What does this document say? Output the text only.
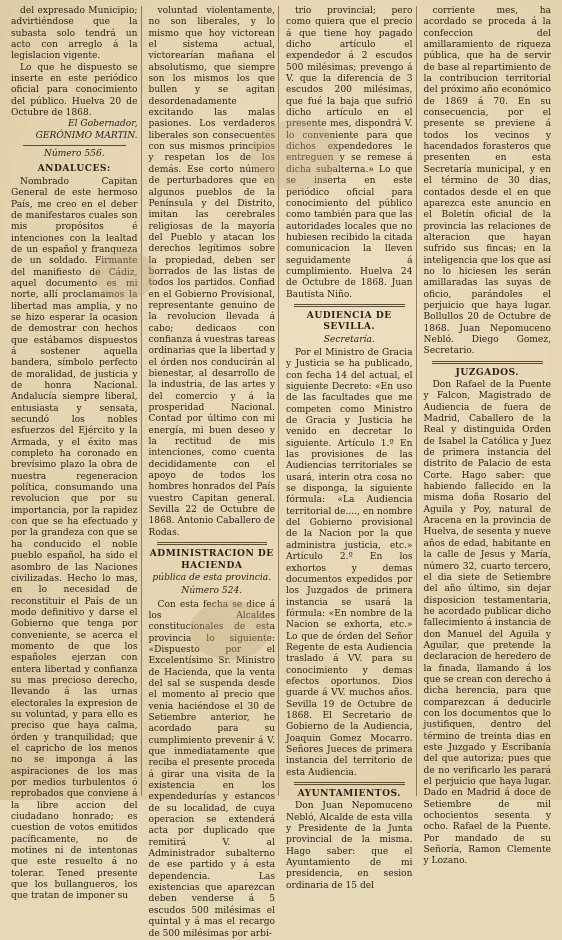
del expresado Municipio; advirtiéndose que la subasta solo tendrá un acto con arreglo á la legislacion vigente.

Lo que he dispuesto se inserte en este periódico oficial para conocimiento del público. Huelva 20 de Octubre de 1868.

El Gobernador,

GERÓNIMO MARTIN.

Número 556.

ANDALUCES:

Nombrado Capitan General de este hermoso País, me creo en el deber de manifestaros cuales son mis propósitos é intenciones con la lealtad de un español y franqueza de un soldado. Firmante del manifiesto de Cádiz, aquel documento es mi norte, allí proclamamos la libertad mas amplia, y no se hizo esperar la ocasion de demostrar con hechos que estábamos dispuestos á sostener aquella bandera, símbolo perfecto de moralidad, de justicia y de honra Nacional. Andalucía siempre liberal, entusiasta y sensata, secundó los nobles esfuerzos del Ejército y la Armada, y el éxito mas completo ha coronado en brevísimo plazo la obra de nuestra regeneracion política, consumando una revolucion que por su importancia, por la rapidez con que se ha efectuado y por la grandeza con que se ha conducido el noble pueblo español, ha sido el asombro de las Naciones civilizadas. Hecho lo mas, en lo necesidad de reconstituir el País de un modo definitivo y darse el Gobierno que tenga por conveniente, se acerca el momento de que los españoles ejerzan con entera libertad y confianza su mas precioso derecho, llevando á las urnas electorales la expresion de su voluntad, y para ello es preciso que haya calma, órden y tranquilidad; que el capricho de los menos no se imponga á las aspiraciones de los mas por medios turbulentos ó reprobados que conviene á la libre accion del ciudadano honrado; es cuestion de votos emitidos pacíficamente, no de motines ni de intentonas que este resuelto á no tolerar. Tened presente que los bullangueros, los que tratan de imponer su

voluntad violentamente, no son liberales, y lo mismo que hoy victorean el sistema actual, victorearían mañana el absolutismo, que siempre son los mismos los que bullen y se agitan desordenadamente excitando las malas pasiones. Los verdaderos liberales son consecuentes con sus mismos principios y respetan los de los demás. Ese corto número de perturbadores que en algunos pueblos de la Península y del Distrito, imitan las cerebrales religiosas de la mayoría del Pueblo y atacan los derechos legítimos sobre la propiedad, deben ser borrados de las listas de todos los partidos. Confiad en el Gobierno Provisional, representante genuino de la revolucion llevada á cabo; dedicaos con confianza á vuestras tareas ordinarias que la libertad y el órden nos conducirán al bienestar, al desarrollo de la industria, de las artes y del comercio y á la prosperidad Nacional. Contad por último con mi energía, mi buen deseo y la rectitud de mis intenciones, como cuenta decididamente con el apoyo de todos los hombres honrados del País vuestro Capitan general. Sevilla 22 de Octubre de 1868. Antonio Caballero de Rodas.

ADMINISTRACION DE HACIENDA

pública de esta provincia.

Número 524.

Con esta fecha se dice á los Alcaldes constitucionales de esta provincia lo siguiente: «Dispuesto por el Excelentísimo Sr. Ministro de Hacienda, que la venta del sal se suspenda desde el momento al precio que venia haciéndose el 30 de Setiembre anterior, he acordado para su cumplimiento prevenir á V. que inmediatamente que reciba el presente proceda á girar una visita de la existencia en los expendedurías y estancos de su localidad, de cuya operacion se extenderá acta por duplicado que remitirá V. al Administrador subalterno de ese partido y á esta dependencia. Las existencias que aparezcan deben venderse á 5 escudos 500 milésimas el quintal y á mas el recargo de 500 milésimas por arbi-

trio provincial; pero como quiera que el precio á que tiene hoy pagado dicho artículo el expendedor á 2 escudos 500 milésimas; prevengo á V. que la diferencia de 3 escudos 200 milésimas, que fué la baja que sufrió dicho artículo en el presente mes, dispondrá V. lo conveniente para que dichos expendedores le entreguen y se remese á dicha subalterna.» Lo que se inserta en este periódico oficial para conocimiento del público como también para que las autoridades locales que no hubiesen recibido la citada comunicacion la lleven seguidamente á cumplimiento. Huelva 24 de Octubre de 1868. Juan Bautista Niño.

AUDIENCIA DE SEVILLA.

Secretaría.

Por el Ministro de Gracia y Justicia se ha publicado, con fecha 14 del actual, el siguiente Decreto: «En uso de las facultades que me competen como Ministro de Gracia y Justicia he venido en decretar lo siguiente. Artículo 1.º En las provisiones de las Audiencias territoriales se usará, interin otra cosa no se disponga, la siguiente fórmula: «La Audiencia territorial de...., en nombre del Gobierno provisional de la Nacion por la que administra justicia, etc.» Artículo 2.º En los exhortos y demas documentos expedidos por los Juzgados de primera instancia se usará la fórmula: «En nombre de la Nacion se exhorta, etc.» Lo que de órden del Señor Regente de esta Audiencia traslado á VV. para su conocimiento y demas efectos oportunos. Dios guarde á VV. muchos años. Sevilla 19 de Octubre de 1868. El Secretario de Gobierno de la Audiencia, Joaquin Gomez Mocarro. Señores Jueces de primera instancia del territorio de esta Audiencia.

AYUNTAMIENTOS.

Don Juan Nepomuceno Nebló, Alcalde de esta villa y Presidente de la Junta provincial de la misma. Hago saber: que el Ayuntamiento de mi presidencia, en sesion ordinaria de 15 del

corriente mes, ha acordado se proceda á la confeccion del amillaramiento de riqueza pública, que ha de servir de base al repartimiento de la contribucion territorial del próximo año económico de 1869 á 70. En su consecuencia, por el presente se previene á todos los vecinos y hacendados forasteros que presenten en esta Secretaría municipal, y en el término de 30 dias, contados desde el en que aparezca este anuncio en el Boletín oficial de la provincia las relaciones de alteracion que hayan sufrido sus fincas; en la inteligencia que los que así no lo hiciesen les serán amillaradas las suyas de oficio, parándoles el perjuicio que haya lugar. Bollullos 20 de Octubre de 1868. Juan Nepomuceno Nebló. Diego Gomez, Secretario.

JUZGADOS.

Don Rafael de la Puente y Falcon, Magistrado de Audiencia de fuera de Madrid, Caballero de la Real y distinguida Orden de Isabel la Católica y Juez de primera instancia del distrito de Palacio de esta Corte. Hago saber: que habiendo fallecido en la misma doña Rosario del Aguila y Poy, natural de Aracena en la provincia de Huelva, de sesenta y nueve años de edad, habitante en la calle de Jesus y María, número 32, cuarto tercero, el dia siete de Setiembre del año último, sin dejar disposicion testamentaria, he acordado publicar dicho fallecimiento á instancia de don Manuel del Aguila y Aguilar, que pretende la declaracion de heredero de la finada, llamando á los que se crean con derecho á dicha herencia, para que comparezcan á deducirle con los documentos que lo justifiquen, dentro del término de treinta dias en este Juzgado y Escribanía del que autoriza; pues que de no verificarlo les parará el perjuicio que haya lugar. Dado en Madrid á doce de Setiembre de mil ochocientos sesenta y ocho. Rafael de la Puente. Por mandado de su Señoría, Ramon Clemente y Lozano.
